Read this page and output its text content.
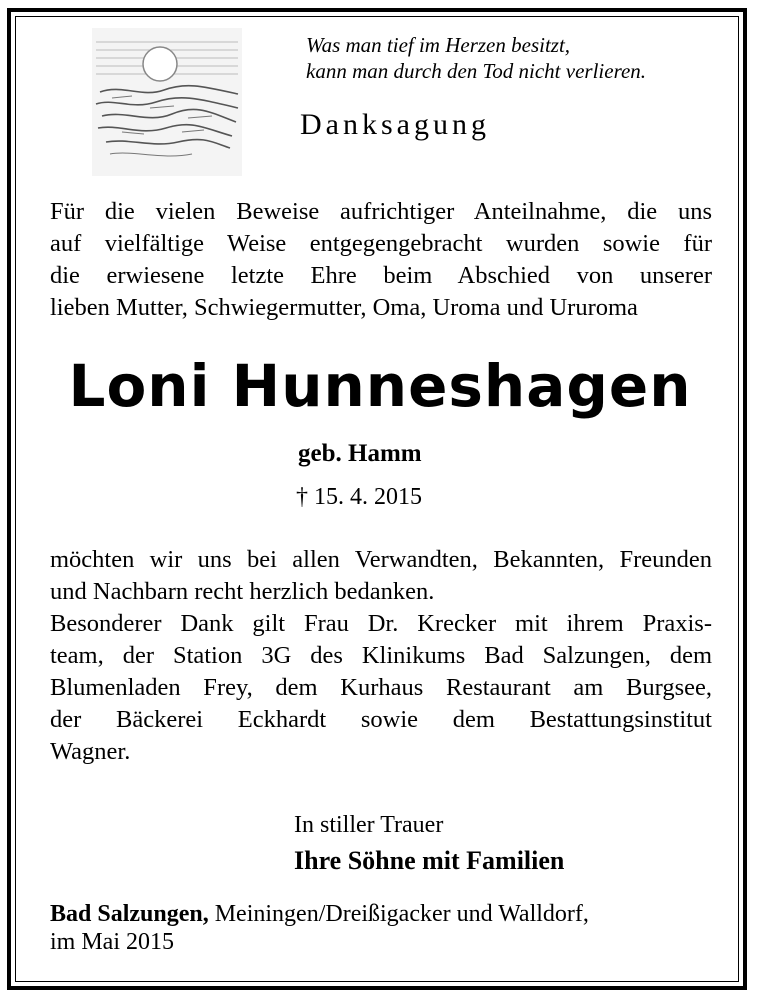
Was man tief im Herzen besitzt,
kann man durch den Tod nicht verlieren.

Danksagung
Für die vielen Beweise aufrichtiger Anteilnahme, die uns
auf vielfältige Weise entgegengebracht wurden sowie für
die erwiesene letzte Ehre beim Abschied von unserer
lieben Mutter, Schwiegermutter, Oma, Uroma und Ururoma
Loni Hunneshagen
geb. Hamm
† 15. 4. 2015
möchten wir uns bei allen Verwandten, Bekannten, Freunden
und Nachbarn recht herzlich bedanken.
Besonderer Dank gilt Frau Dr. Krecker mit ihrem Praxis-
team, der Station 3G des Klinikums Bad Salzungen, dem
Blumenladen Frey, dem Kurhaus Restaurant am Burgsee,
der Bäckerei Eckhardt sowie dem Bestattungsinstitut
Wagner.
In stiller Trauer
Ihre Söhne mit Familien
Bad Salzungen, Meiningen/Dreißigacker und Walldorf,
im Mai 2015
